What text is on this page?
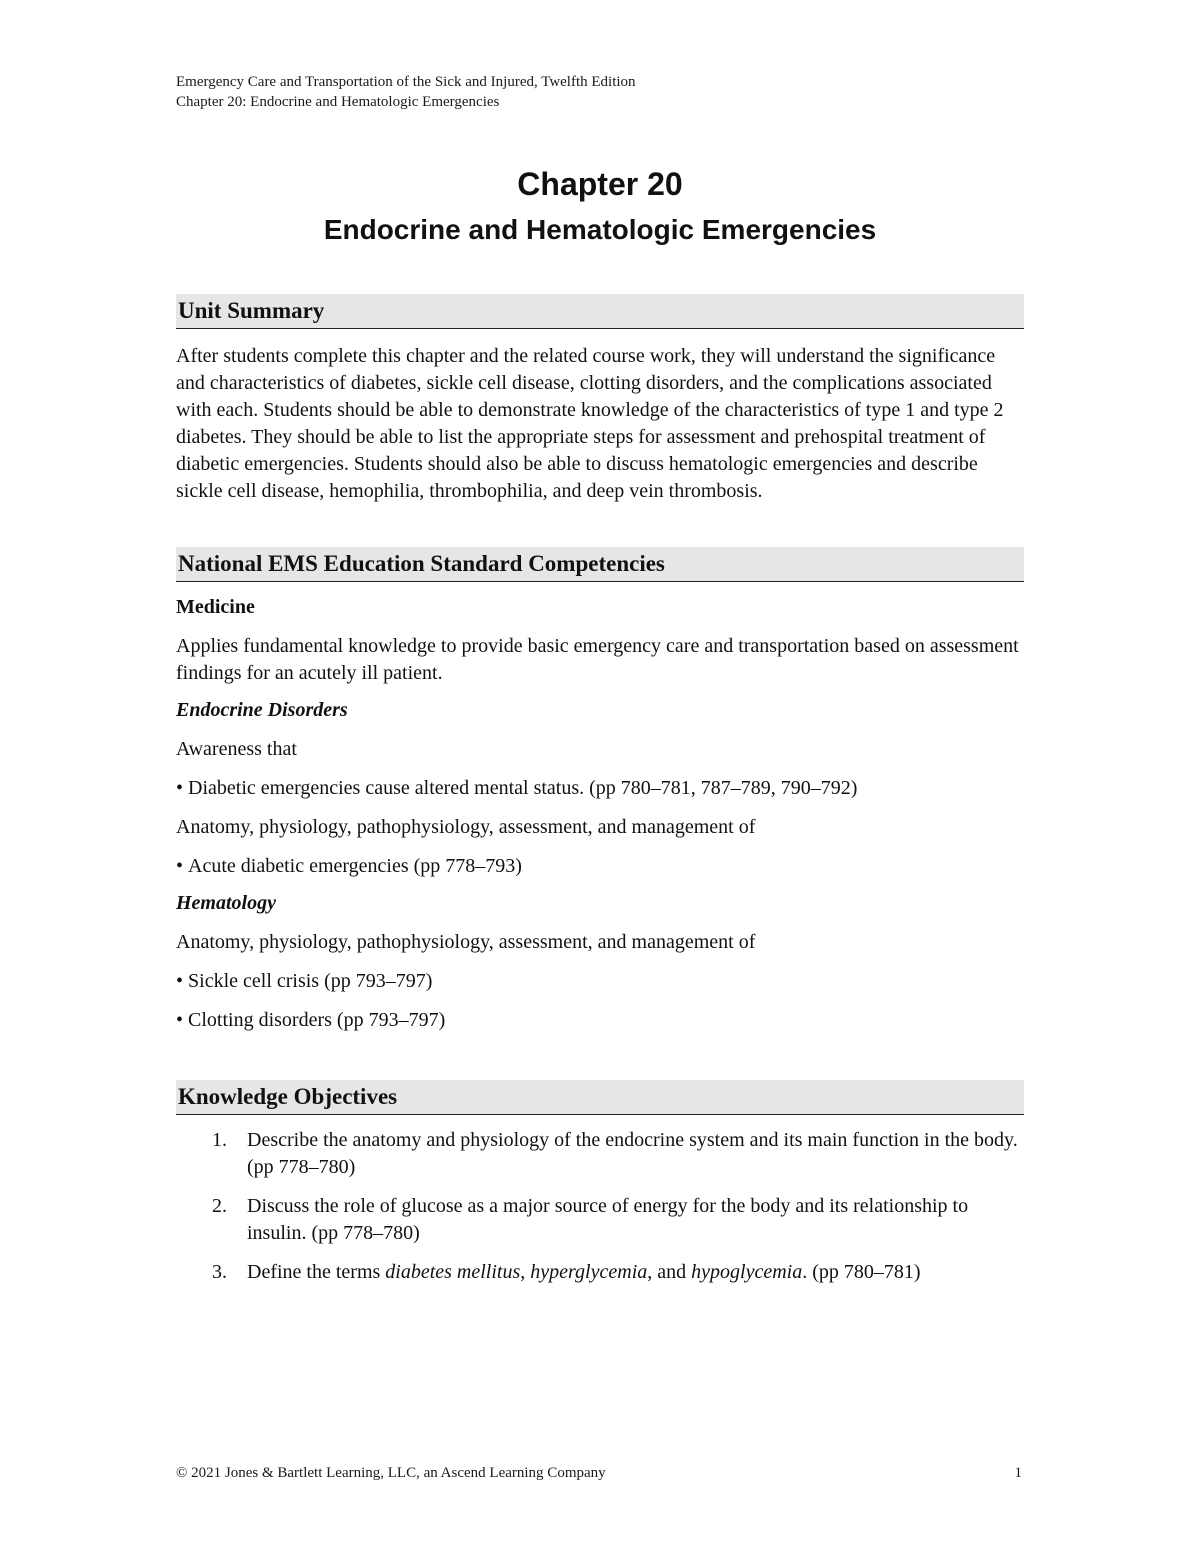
Emergency Care and Transportation of the Sick and Injured, Twelfth Edition
Chapter 20: Endocrine and Hematologic Emergencies
Chapter 20
Endocrine and Hematologic Emergencies
Unit Summary

After students complete this chapter and the related course work, they will understand the significance and characteristics of diabetes, sickle cell disease, clotting disorders, and the complications associated with each. Students should be able to demonstrate knowledge of the characteristics of type 1 and type 2 diabetes. They should be able to list the appropriate steps for assessment and prehospital treatment of diabetic emergencies. Students should also be able to discuss hematologic emergencies and describe sickle cell disease, hemophilia, thrombophilia, and deep vein thrombosis.

National EMS Education Standard Competencies
Medicine
Applies fundamental knowledge to provide basic emergency care and transportation based on assessment findings for an acutely ill patient.
Endocrine Disorders
Awareness that
• Diabetic emergencies cause altered mental status. (pp 780–781, 787–789, 790–792)
Anatomy, physiology, pathophysiology, assessment, and management of
• Acute diabetic emergencies (pp 778–793)
Hematology
Anatomy, physiology, pathophysiology, assessment, and management of
• Sickle cell crisis (pp 793–797)
• Clotting disorders (pp 793–797)
Knowledge Objectives
1. Describe the anatomy and physiology of the endocrine system and its main function in the body. (pp 778–780)
2. Discuss the role of glucose as a major source of energy for the body and its relationship to insulin. (pp 778–780)
3. Define the terms diabetes mellitus, hyperglycemia, and hypoglycemia. (pp 780–781)
© 2021 Jones & Bartlett Learning, LLC, an Ascend Learning Company	1
